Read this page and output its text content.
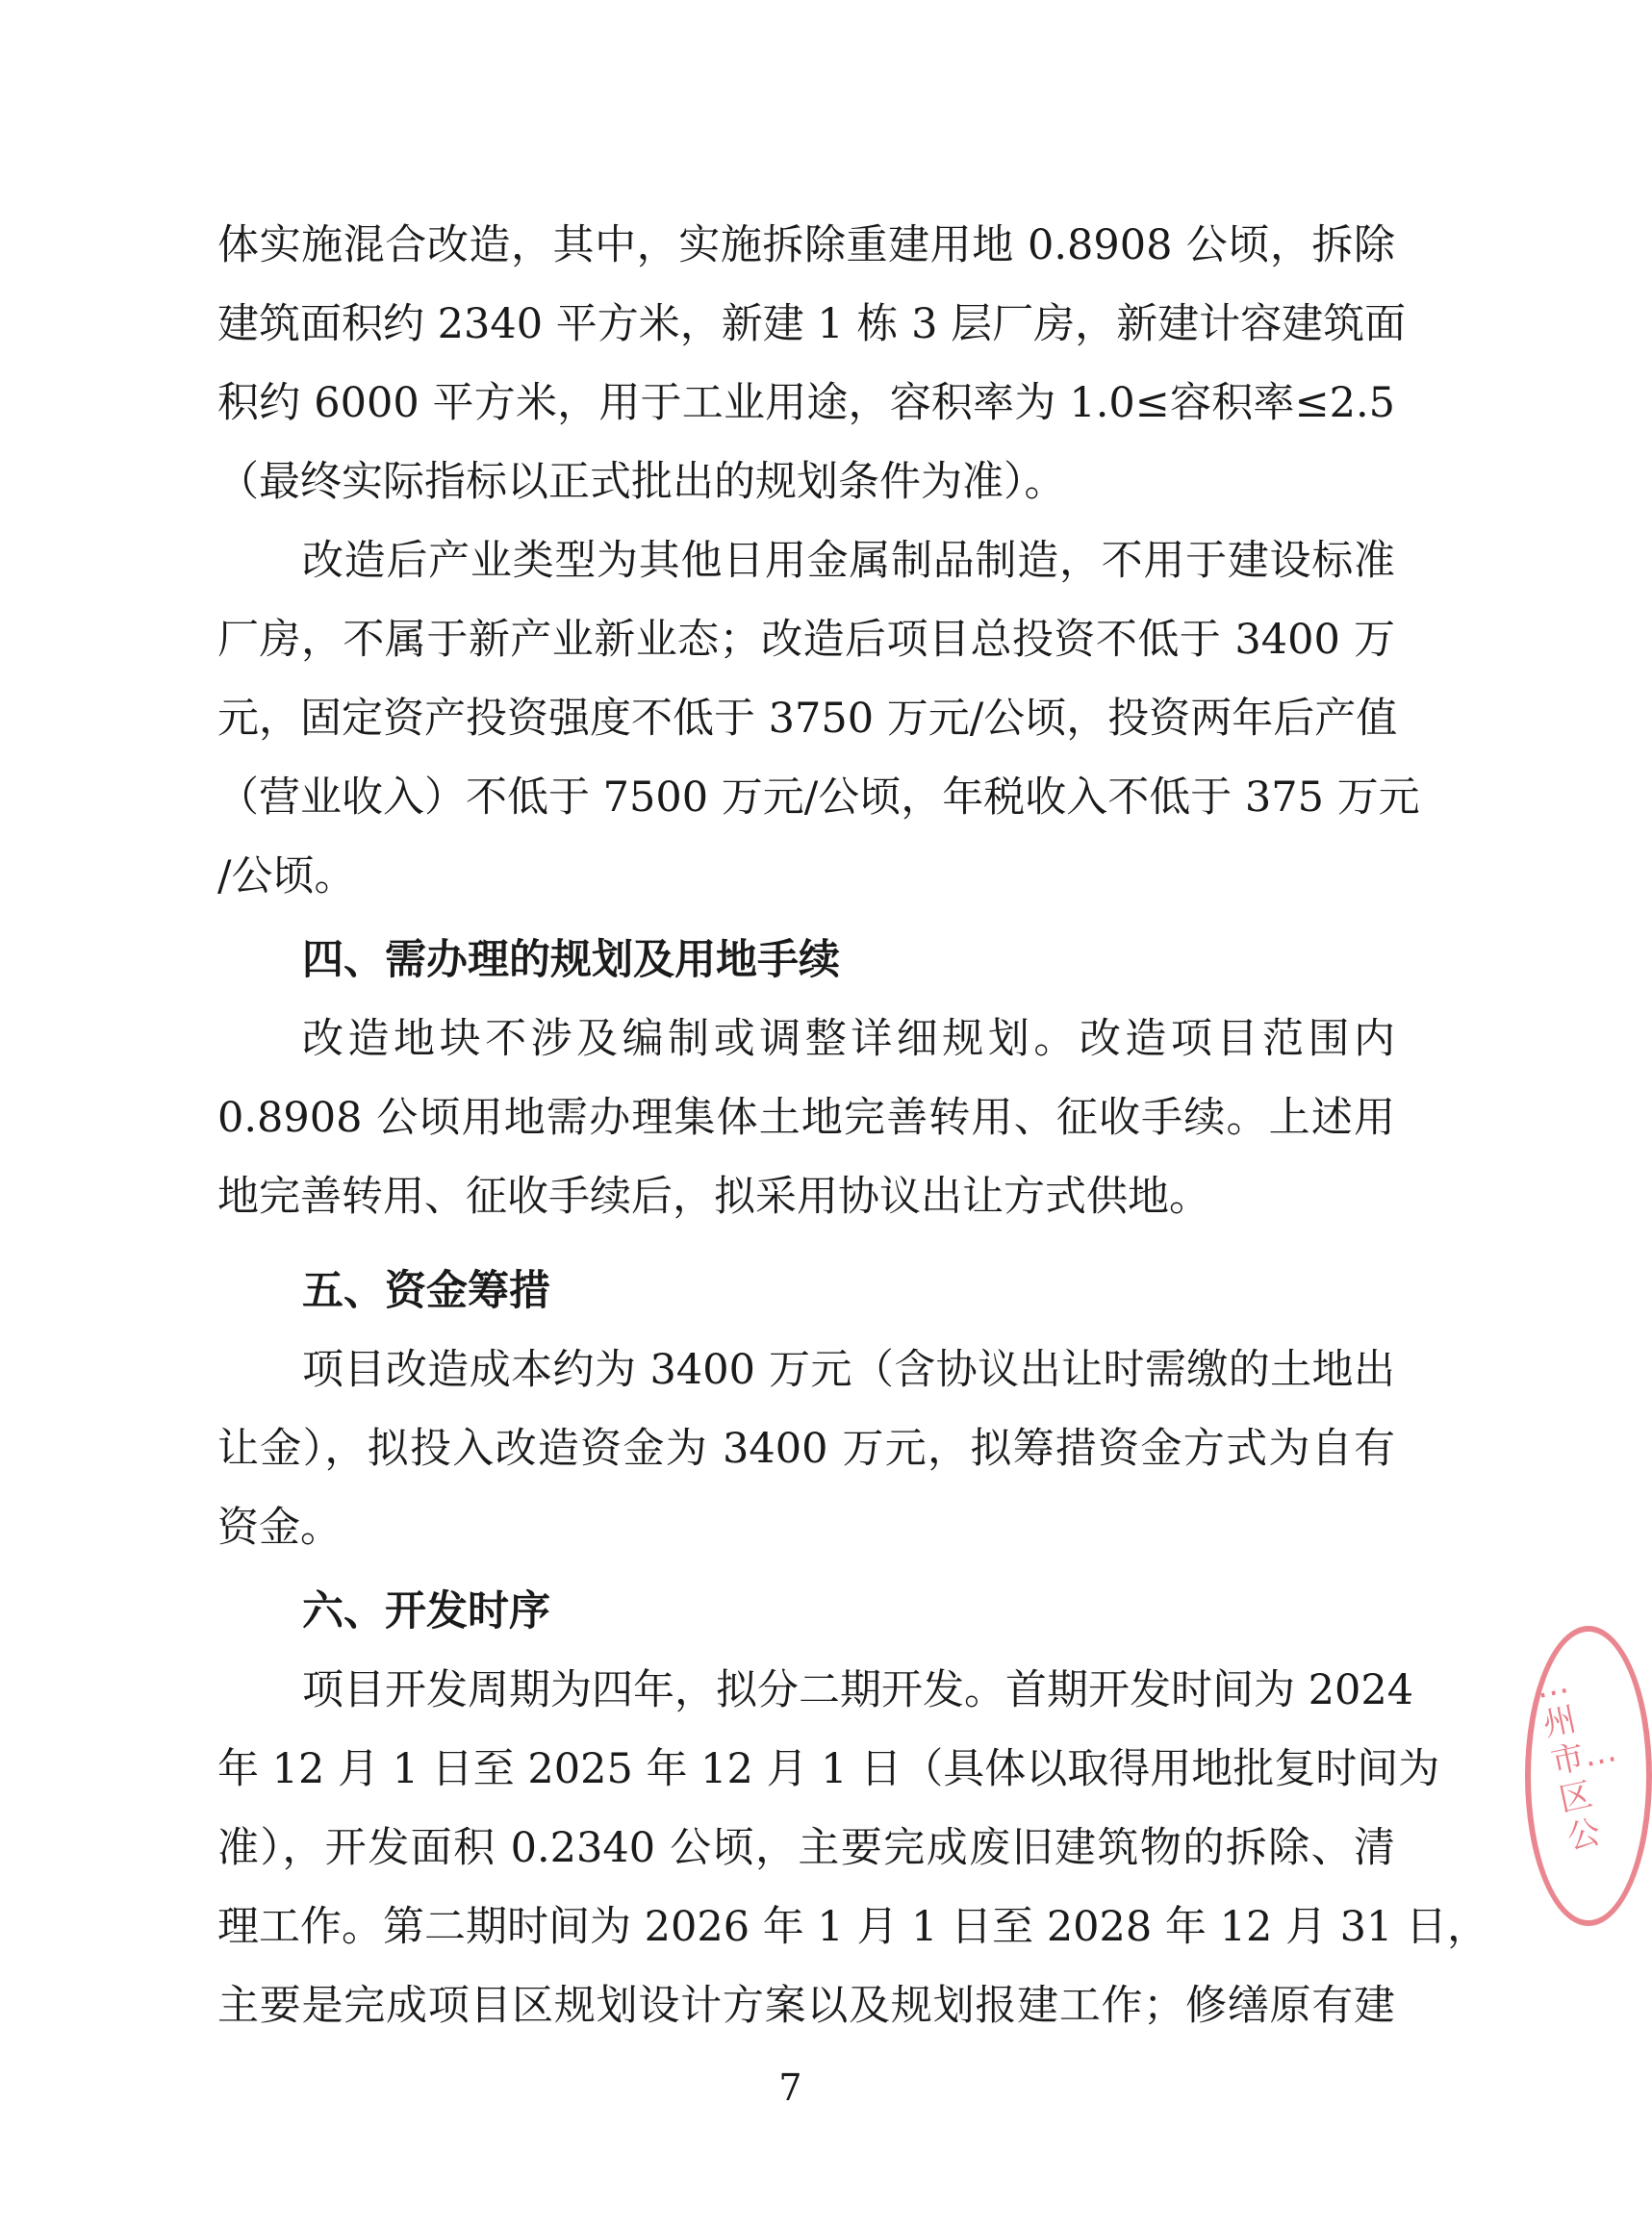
体实施混合改造，其中，实施拆除重建用地 0.8908 公顷，拆除
建筑面积约 2340 平方米，新建 1 栋 3 层厂房，新建计容建筑面
积约 6000 平方米，用于工业用途，容积率为 1.0≤容积率≤2.5
（最终实际指标以正式批出的规划条件为准）。
改造后产业类型为其他日用金属制品制造，不用于建设标准
厂房，不属于新产业新业态；改造后项目总投资不低于 3400 万
元，固定资产投资强度不低于 3750 万元/公顷，投资两年后产值
（营业收入）不低于 7500 万元/公顷，年税收入不低于 375 万元
/公顷。
四、需办理的规划及用地手续
改造地块不涉及编制或调整详细规划。改造项目范围内
0.8908 公顷用地需办理集体土地完善转用、征收手续。上述用
地完善转用、征收手续后，拟采用协议出让方式供地。
五、资金筹措
项目改造成本约为 3400 万元（含协议出让时需缴的土地出
让金），拟投入改造资金为 3400 万元，拟筹措资金方式为自有
资金。
六、开发时序
项目开发周期为四年，拟分二期开发。首期开发时间为 2024
年 12 月 1 日至 2025 年 12 月 1 日（具体以取得用地批复时间为
准），开发面积 0.2340 公顷，主要完成废旧建筑物的拆除、清
理工作。第二期时间为 2026 年 1 月 1 日至 2028 年 12 月 31 日，
主要是完成项目区规划设计方案以及规划报建工作；修缮原有建
…州市…区公
7
